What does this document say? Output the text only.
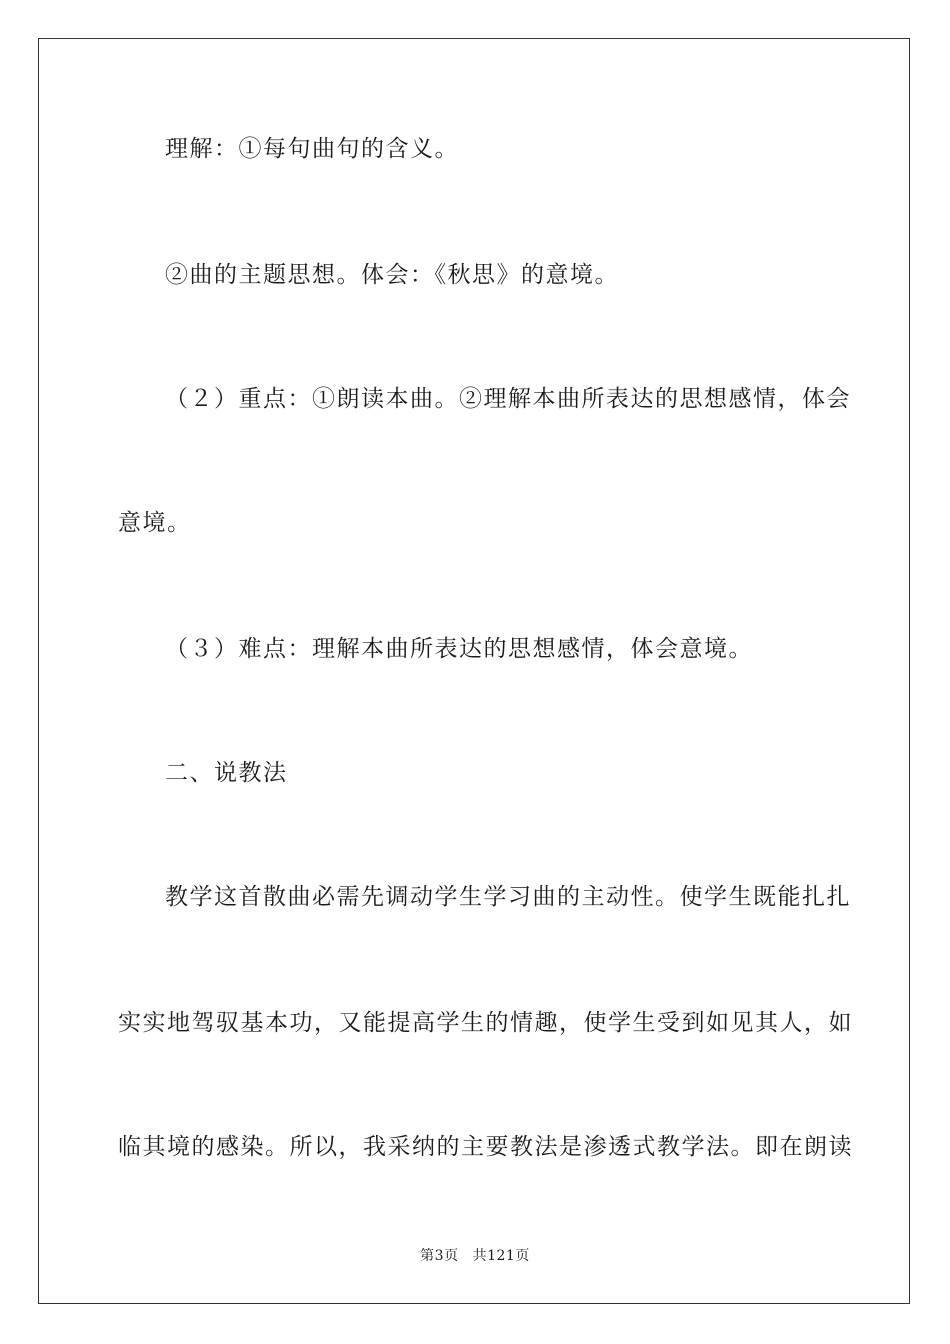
理解：①每句曲句的含义。
②曲的主题思想。体会：《秋思》的意境。
（２）重点：①朗读本曲。②理解本曲所表达的思想感情，体会
意境。
（３）难点：理解本曲所表达的思想感情，体会意境。
二、说教法
教学这首散曲必需先调动学生学习曲的主动性。使学生既能扎扎
实实地驾驭基本功，又能提高学生的情趣，使学生受到如见其人，如
临其境的感染。所以，我采纳的主要教法是渗透式教学法。即在朗读
第3页 共121页
